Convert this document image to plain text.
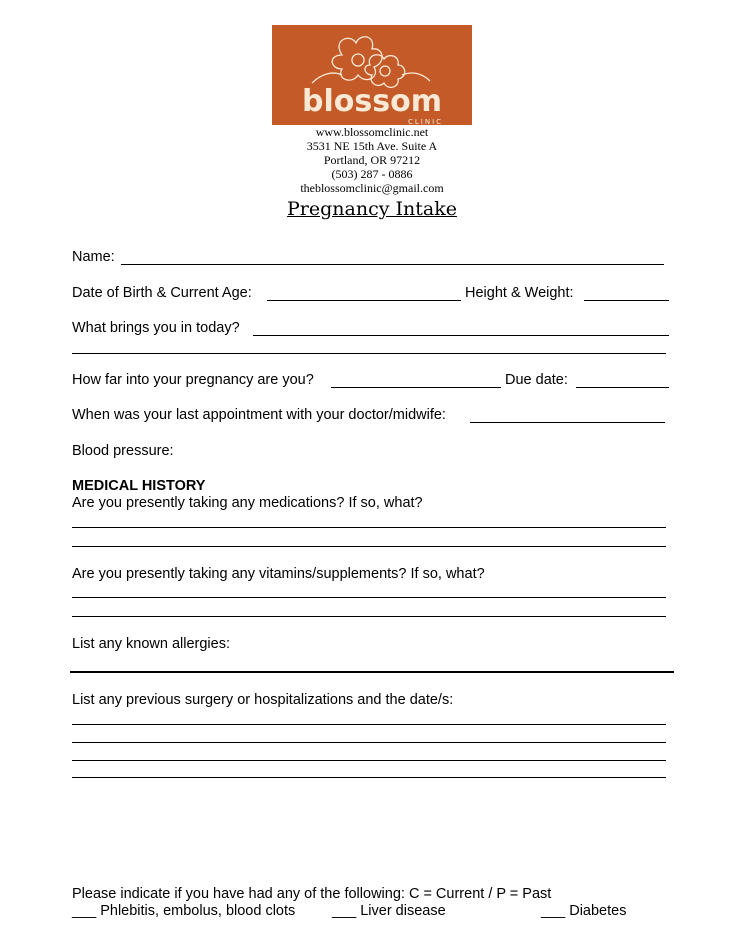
blossom
CLINIC
www.blossomclinic.net
3531 NE 15th Ave. Suite A
Portland, OR 97212
(503) 287 - 0886
theblossomclinic@gmail.com
Pregnancy Intake
Name:
Date of Birth & Current Age:	Height & Weight:
What brings you in today?
How far into your pregnancy are you?	Due date:
When was your last appointment with your doctor/midwife:
Blood pressure:
MEDICAL HISTORY
Are you presently taking any medications? If so, what?
Are you presently taking any vitamins/supplements? If so, what?
List any known allergies:
List any previous surgery or hospitalizations and the date/s:
Please indicate if you have had any of the following: C = Current / P = Past
___ Phlebitis, embolus, blood clots	___ Liver disease	___ Diabetes
